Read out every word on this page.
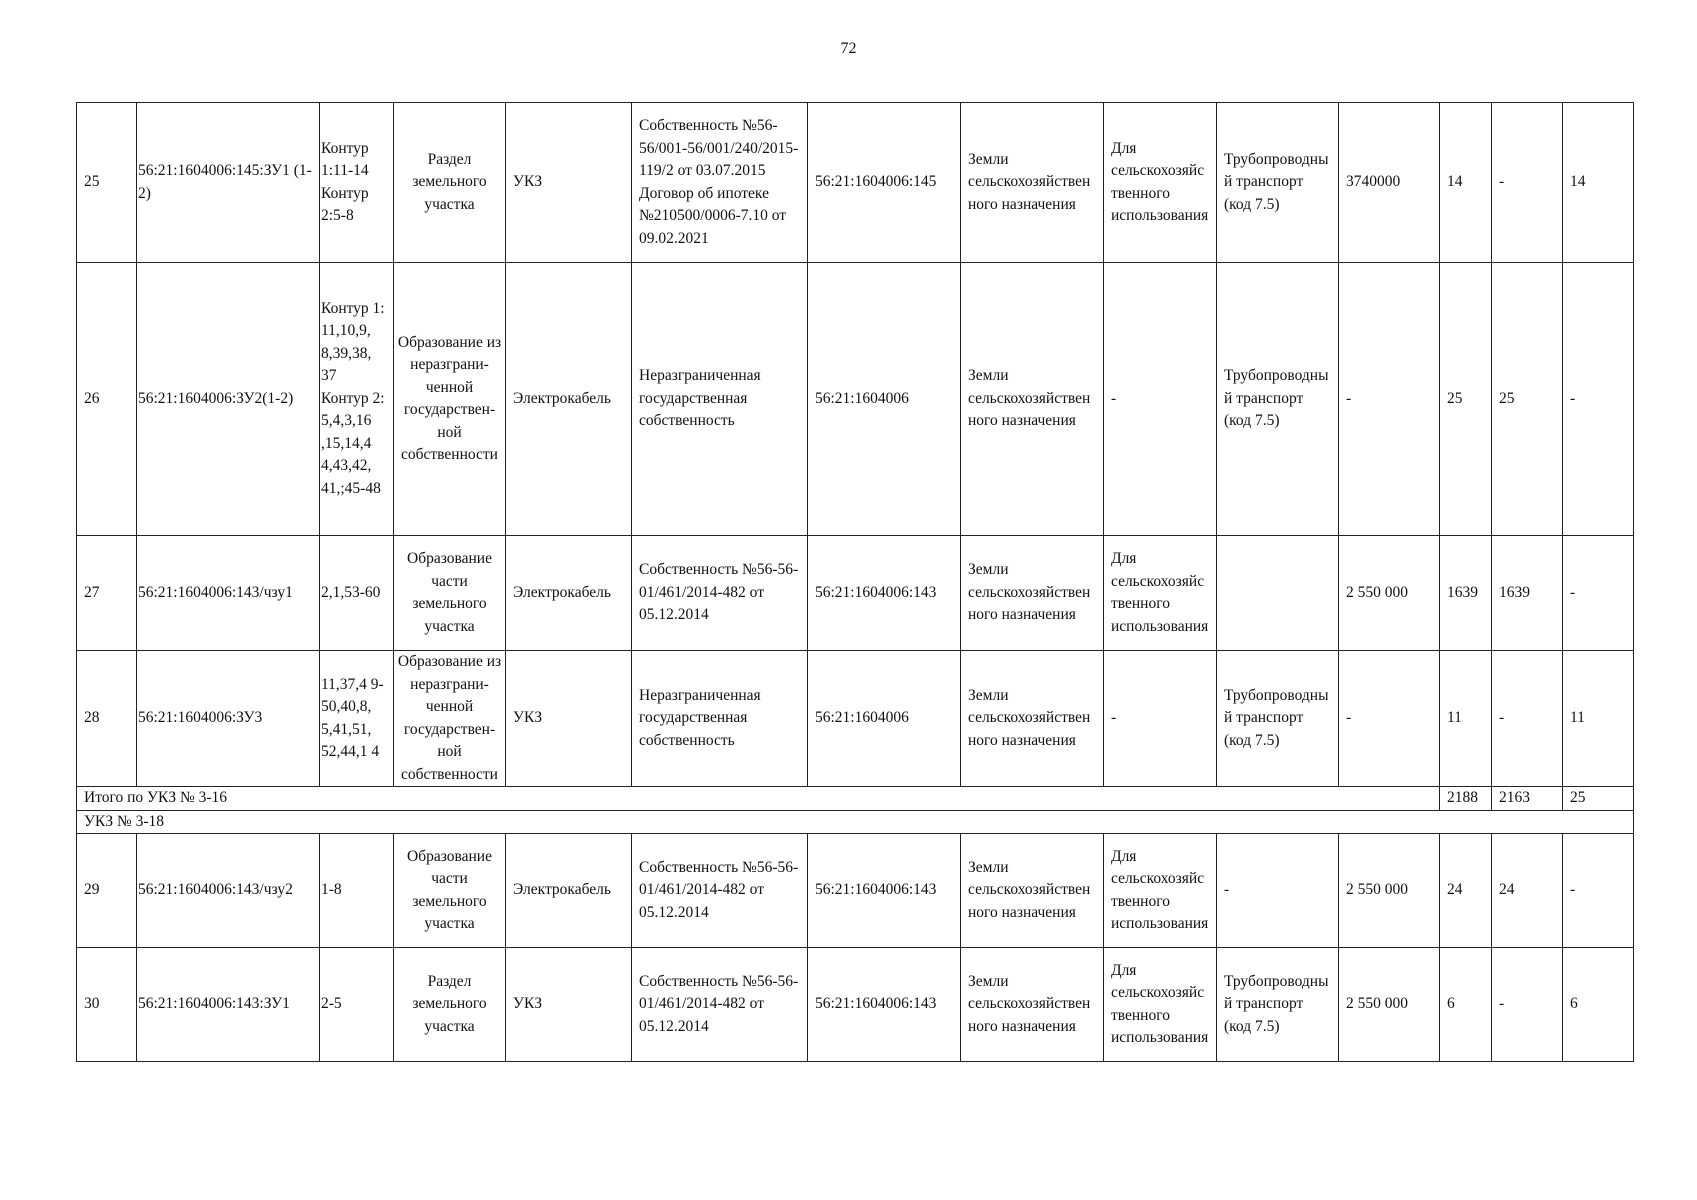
72
25	56:21:1604006:145:ЗУ1 (1-2)	Контур 1:11-14 Контур 2:5-8	Раздел земельного участка	УКЗ	Собственность №56-56/001-56/001/240/2015-119/2 от 03.07.2015 Договор об ипотеке №210500/0006-7.10 от 09.02.2021	56:21:1604006:145	Земли сельскохозяйственного назначения	Для сельскохозяйственного использования	Трубопроводный транспорт (код 7.5)	3740000	14	-	14
26	56:21:1604006:ЗУ2(1-2)	Контур 1: 11,10,9, 8,39,38, 37 Контур 2: 5,4,3,16 ,15,14,4 4,43,42, 41,;45-48	Образование из неразграни-ченной государствен-ной собственности	Электрокабель	Неразграниченная государственная собственность	56:21:1604006	Земли сельскохозяйственного назначения	-	Трубопроводный транспорт (код 7.5)	-	25	25	-
27	56:21:1604006:143/чзу1	2,1,53-60	Образование части земельного участка	Электрокабель	Собственность №56-56-01/461/2014-482 от 05.12.2014	56:21:1604006:143	Земли сельскохозяйственного назначения	Для сельскохозяйственного использования		2 550 000	1639	1639	-
28	56:21:1604006:ЗУ3	11,37,4 9-50,40,8, 5,41,51, 52,44,1 4	Образование из неразграни-ченной государствен-ной собственности	УКЗ	Неразграниченная государственная собственность	56:21:1604006	Земли сельскохозяйственного назначения	-	Трубопроводный транспорт (код 7.5)	-	11	-	11
Итого по УКЗ № 3-16											2188	2163	25
УКЗ № 3-18													
29	56:21:1604006:143/чзу2	1-8	Образование части земельного участка	Электрокабель	Собственность №56-56-01/461/2014-482 от 05.12.2014	56:21:1604006:143	Земли сельскохозяйственного назначения	Для сельскохозяйственного использования	-	2 550 000	24	24	-
30	56:21:1604006:143:ЗУ1	2-5	Раздел земельного участка	УКЗ	Собственность №56-56-01/461/2014-482 от 05.12.2014	56:21:1604006:143	Земли сельскохозяйственного назначения	Для сельскохозяйственного использования	Трубопроводный транспорт (код 7.5)	2 550 000	6	-	6
